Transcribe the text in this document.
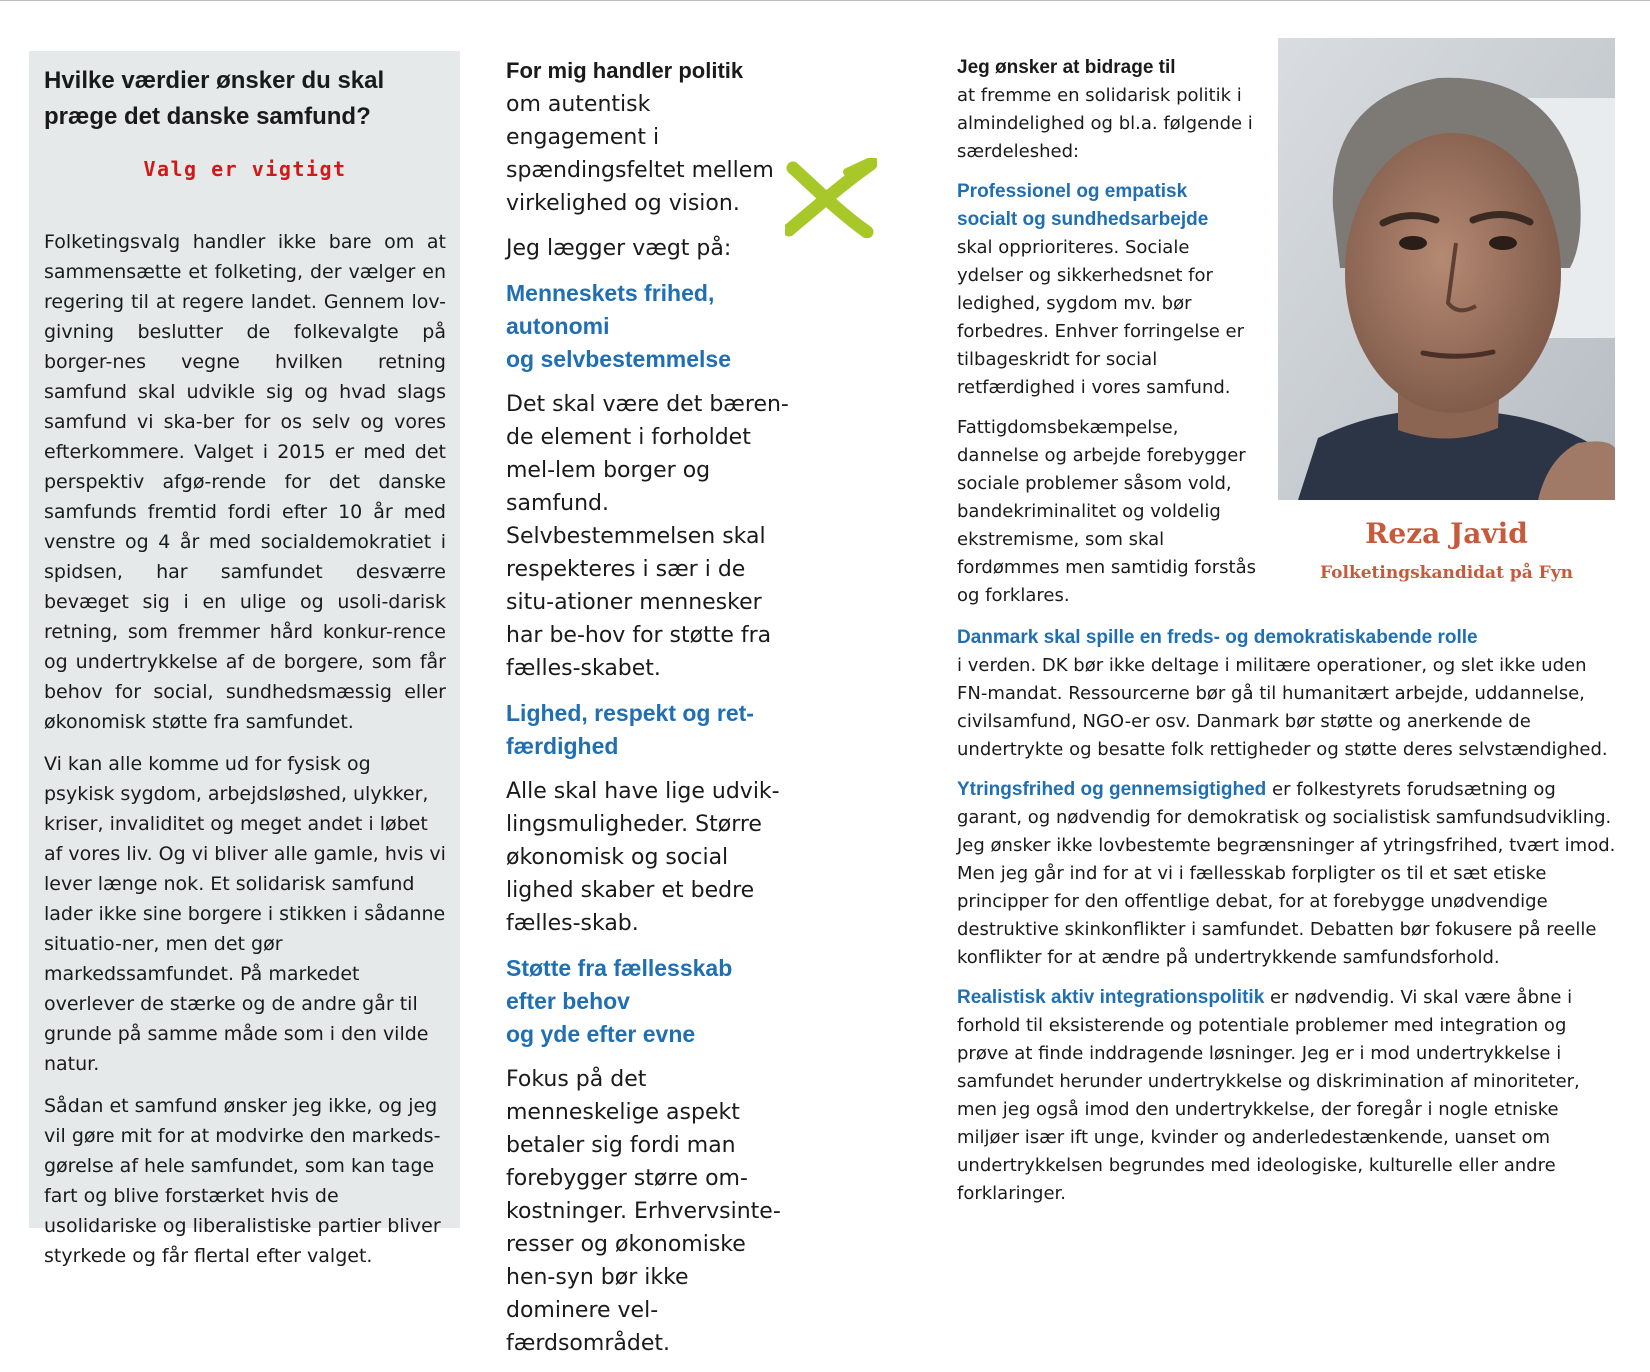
Hvilke værdier ønsker du skal præge det danske samfund?
Valg er vigtigt

Folketingsvalg handler ikke bare om at sammensætte et folketing, der vælger en regering til at regere landet. Gennem lov-givning beslutter de folkevalgte på borger-nes vegne hvilken retning samfund skal udvikle sig og hvad slags samfund vi ska-ber for os selv og vores efterkommere. Valget i 2015 er med det perspektiv afgø-rende for det danske samfunds fremtid fordi efter 10 år med venstre og 4 år med socialdemokratiet i spidsen, har samfundet desværre bevæget sig i en ulige og usoli-darisk retning, som fremmer hård konkur-rence og undertrykkelse af de borgere, som får behov for social, sundhedsmæssig eller økonomisk støtte fra samfundet.

Vi kan alle komme ud for fysisk og psykisk sygdom, arbejdsløshed, ulykker, kriser, invaliditet og meget andet i løbet af vores liv. Og vi bliver alle gamle, hvis vi lever længe nok. Et solidarisk samfund lader ikke sine borgere i stikken i sådanne situatio-ner, men det gør markedssamfundet. På markedet overlever de stærke og de andre går til grunde på samme måde som i den vilde natur.

Sådan et samfund ønsker jeg ikke, og jeg vil gøre mit for at modvirke den markeds-gørelse af hele samfundet, som kan tage fart og blive forstærket hvis de usolidariske og liberalistiske partier bliver styrkede og får flertal efter valget.

For mig handler politik
om autentisk engagement i spændingsfeltet mellem virkelighed og vision.

Jeg lægger vægt på:

Menneskets frihed,
autonomi
og selvbestemmelse

Det skal være det bæren-de element i forholdet mel-lem borger og samfund. Selvbestemmelsen skal respekteres i sær i de situ-ationer mennesker har be-hov for støtte fra fælles-skabet.

Lighed, respekt og ret-færdighed

Alle skal have lige udvik-lingsmuligheder. Større økonomisk og social lighed skaber et bedre fælles-skab.

Støtte fra fællesskab
efter behov
og yde efter evne

Fokus på det menneskelige aspekt betaler sig fordi man forebygger større om-kostninger. Erhvervsinte-resser og økonomiske hen-syn bør ikke dominere vel-færdsområdet.

Jeg ønsker at bidrage til
at fremme en solidarisk politik i almindelighed og bl.a. følgende i særdeleshed:

Professionel og empatisk
socialt og sundhedsarbejde

skal opprioriteres. Sociale ydelser og sikkerhedsnet for ledighed, sygdom mv. bør forbedres. Enhver forringelse er tilbageskridt for social retfærdighed i vores samfund.

Fattigdomsbekæmpelse, dannelse og arbejde forebygger sociale problemer såsom vold, bandekriminalitet og voldelig ekstremisme, som skal fordømmes men samtidig forstås og forklares.

Reza Javid
Folketingskandidat på Fyn

Danmark skal spille en freds- og demokratiskabende rolle
i verden. DK bør ikke deltage i militære operationer, og slet ikke uden FN-mandat. Ressourcerne bør gå til humanitært arbejde, uddannelse, civilsamfund, NGO-er osv. Danmark bør støtte og anerkende de undertrykte og besatte folk rettigheder og støtte deres selvstændighed.

Ytringsfrihed og gennemsigtighed er folkestyrets forudsætning og garant, og nødvendig for demokratisk og socialistisk samfundsudvikling. Jeg ønsker ikke lovbestemte begrænsninger af ytringsfrihed, tvært imod. Men jeg går ind for at vi i fællesskab forpligter os til et sæt etiske principper for den offentlige debat, for at forebygge unødvendige destruktive skinkonflikter i samfundet. Debatten bør fokusere på reelle konflikter for at ændre på undertrykkende samfundsforhold.

Realistisk aktiv integrationspolitik er nødvendig. Vi skal være åbne i forhold til eksisterende og potentiale problemer med integration og prøve at finde inddragende løsninger. Jeg er i mod undertrykkelse i samfundet herunder undertrykkelse og diskrimination af minoriteter, men jeg også imod den undertrykkelse, der foregår i nogle etniske miljøer især ift unge, kvinder og anderledestænkende, uanset om undertrykkelsen begrundes med ideologiske, kulturelle eller andre forklaringer.
